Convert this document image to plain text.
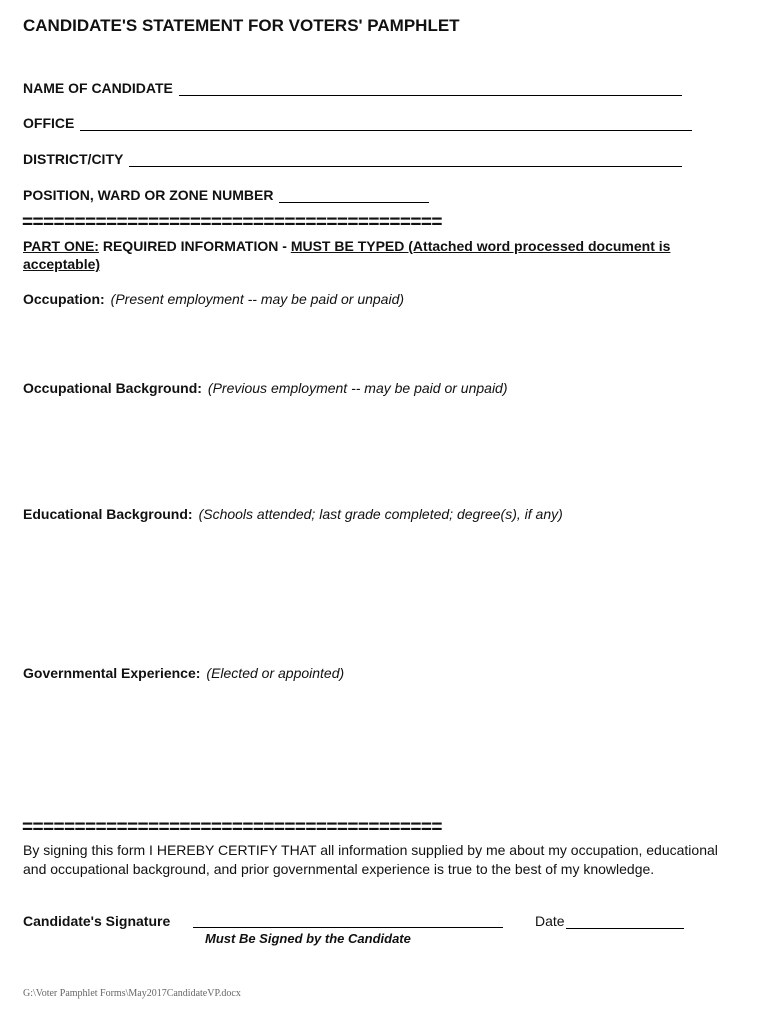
CANDIDATE'S STATEMENT FOR VOTERS' PAMPHLET
NAME OF CANDIDATE
OFFICE
DISTRICT/CITY
POSITION, WARD OR ZONE NUMBER
========================================
PART ONE: REQUIRED INFORMATION - MUST BE TYPED (Attached word processed document is acceptable)
Occupation: (Present employment -- may be paid or unpaid)
Occupational Background: (Previous employment -- may be paid or unpaid)
Educational Background: (Schools attended; last grade completed; degree(s), if any)
Governmental Experience: (Elected or appointed)
========================================
By signing this form I HEREBY CERTIFY THAT all information supplied by me about my occupation, educational and occupational background, and prior governmental experience is true to the best of my knowledge.
Candidate's Signature
Must Be Signed by the Candidate
Date
G:\Voter Pamphlet Forms\May2017CandidateVP.docx
